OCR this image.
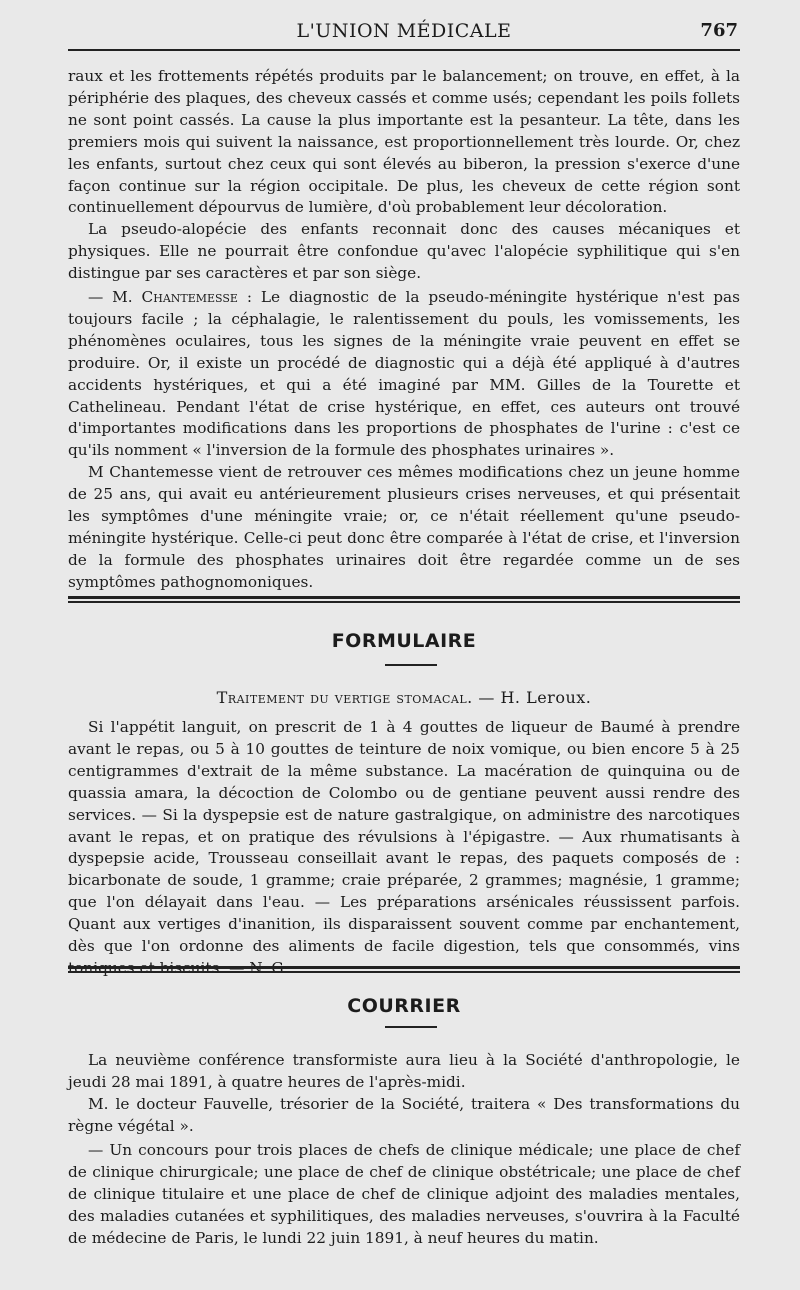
L'UNION MÉDICALE	767

raux et les frottements répétés produits par le balancement; on trouve, en effet, à la périphérie des plaques, des cheveux cassés et comme usés; cependant les poils follets ne sont point cassés. La cause la plus importante est la pesanteur. La tête, dans les premiers mois qui suivent la naissance, est proportionnellement très lourde. Or, chez les enfants, surtout chez ceux qui sont élevés au biberon, la pression s'exerce d'une façon continue sur la région occipitale. De plus, les cheveux de cette région sont continuellement dépourvus de lumière, d'où probablement leur décoloration.

La pseudo-alopécie des enfants reconnait donc des causes mécaniques et physiques. Elle ne pourrait être confondue qu'avec l'alopécie syphilitique qui s'en distingue par ses caractères et par son siège.

— M. Chantemesse : Le diagnostic de la pseudo-méningite hystérique n'est pas toujours facile ; la céphalagie, le ralentissement du pouls, les vomissements, les phénomènes oculaires, tous les signes de la méningite vraie peuvent en effet se produire. Or, il existe un procédé de diagnostic qui a déjà été appliqué à d'autres accidents hystériques, et qui a été imaginé par MM. Gilles de la Tourette et Cathelineau. Pendant l'état de crise hystérique, en effet, ces auteurs ont trouvé d'importantes modifications dans les proportions de phosphates de l'urine : c'est ce qu'ils nomment « l'inversion de la formule des phosphates urinaires ».

M Chantemesse vient de retrouver ces mêmes modifications chez un jeune homme de 25 ans, qui avait eu antérieurement plusieurs crises nerveuses, et qui présentait les symptômes d'une méningite vraie; or, ce n'était réellement qu'une pseudo-méningite hystérique. Celle-ci peut donc être comparée à l'état de crise, et l'inversion de la formule des phosphates urinaires doit être regardée comme un de ses symptômes pathognomoniques.

FORMULAIRE
Traitement du vertige stomacal. — H. Leroux.

Si l'appétit languit, on prescrit de 1 à 4 gouttes de liqueur de Baumé à prendre avant le repas, ou 5 à 10 gouttes de teinture de noix vomique, ou bien encore 5 à 25 centigrammes d'extrait de la même substance. La macération de quinquina ou de quassia amara, la décoction de Colombo ou de gentiane peuvent aussi rendre des services. — Si la dyspepsie est de nature gastralgique, on administre des narcotiques avant le repas, et on pratique des révulsions à l'épigastre. — Aux rhumatisants à dyspepsie acide, Trousseau conseillait avant le repas, des paquets composés de : bicarbonate de soude, 1 gramme; craie préparée, 2 grammes; magnésie, 1 gramme; que l'on délayait dans l'eau. — Les préparations arsénicales réussissent parfois. Quant aux vertiges d'inanition, ils disparaissent souvent comme par enchantement, dès que l'on ordonne des aliments de facile digestion, tels que consommés, vins toniques et biscuits. — N. G.

COURRIER

La neuvième conférence transformiste aura lieu à la Société d'anthropologie, le jeudi 28 mai 1891, à quatre heures de l'après-midi.

M. le docteur Fauvelle, trésorier de la Société, traitera « Des transformations du règne végétal ».

— Un concours pour trois places de chefs de clinique médicale; une place de chef de clinique chirurgicale; une place de chef de clinique obstétricale; une place de chef de clinique titulaire et une place de chef de clinique adjoint des maladies mentales, des maladies cutanées et syphilitiques, des maladies nerveuses, s'ouvrira à la Faculté de médecine de Paris, le lundi 22 juin 1891, à neuf heures du matin.
